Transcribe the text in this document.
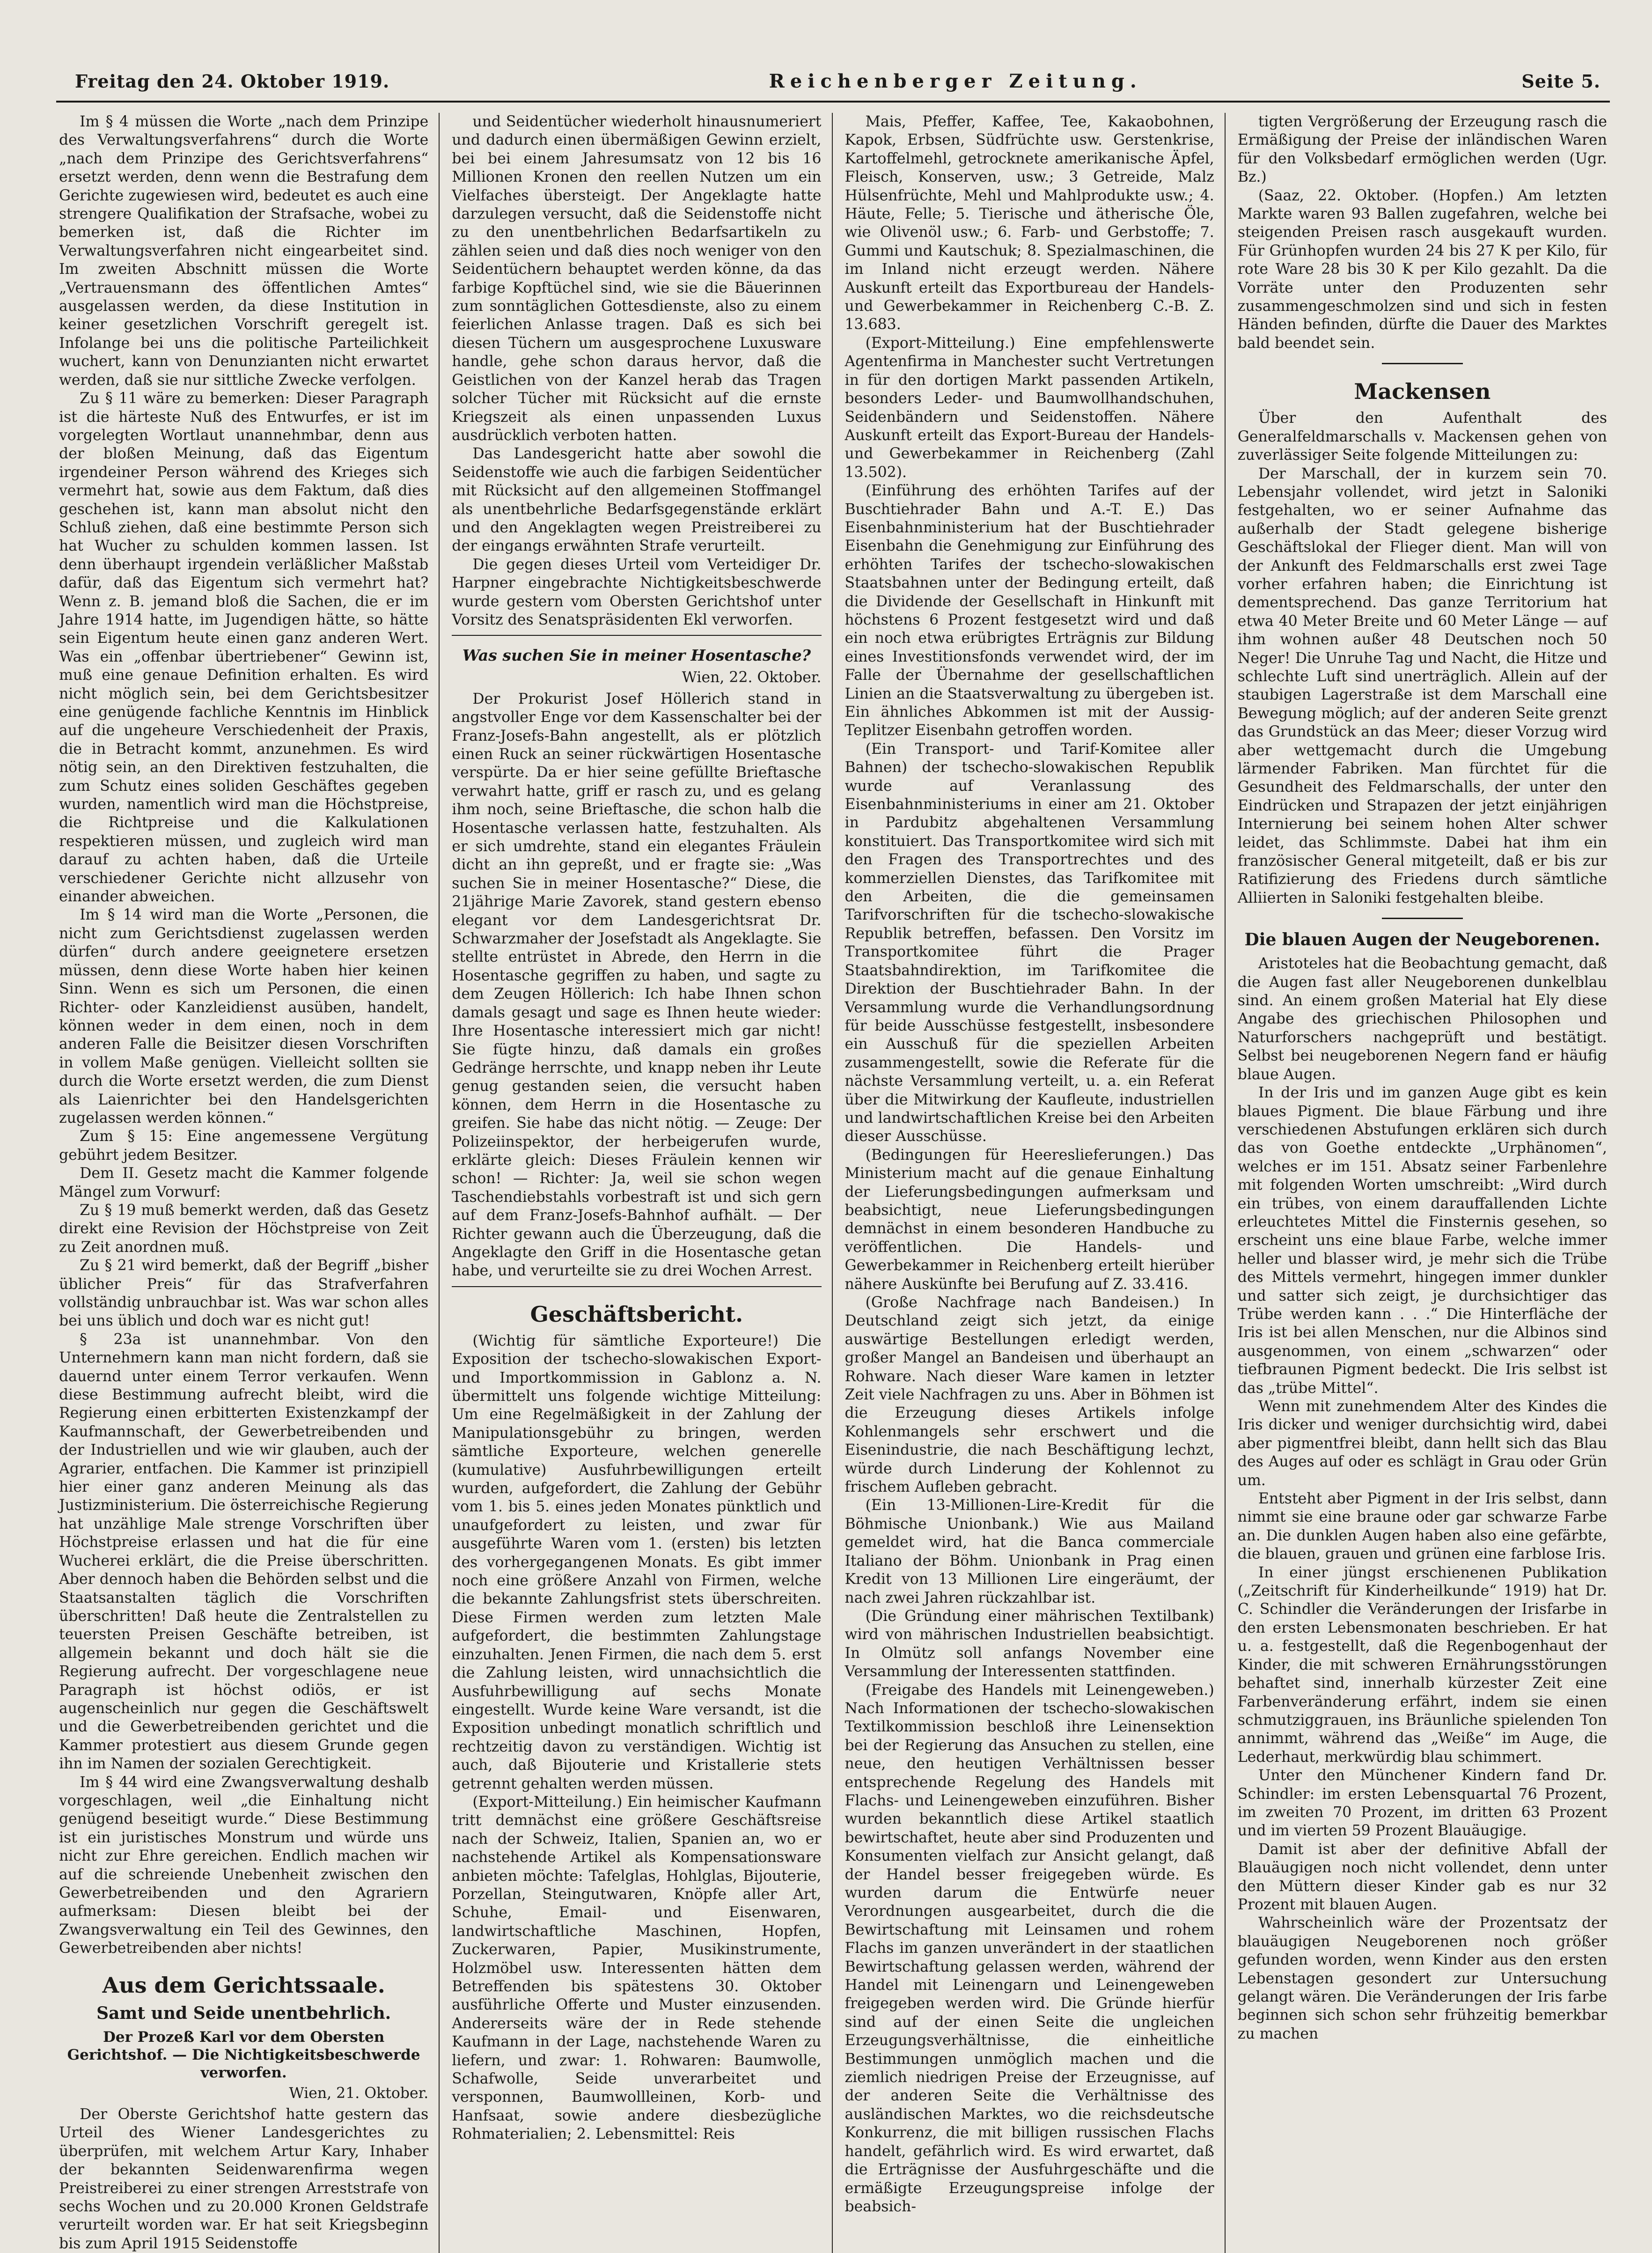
Freitag den 24. Oktober 1919.	Reichenberger Zeitung.	Seite 5.

Im § 4 müssen die Worte „nach dem Prinzipe des Verwaltungsverfahrens“ durch die Worte „nach dem Prinzipe des Gerichtsverfahrens“ ersetzt werden, denn wenn die Bestrafung dem Gerichte zugewiesen wird, bedeutet es auch eine strengere Qualifikation der Strafsache, wobei zu bemerken ist, daß die Richter im Verwaltungsverfahren nicht eingearbeitet sind. Im zweiten Abschnitt müssen die Worte „Vertrauensmann des öffentlichen Amtes“ ausgelassen werden, da diese Institution in keiner gesetzlichen Vorschrift geregelt ist. Infolange bei uns die politische Parteilichkeit wuchert, kann von Denunzianten nicht erwartet werden, daß sie nur sittliche Zwecke verfolgen.

Zu § 11 wäre zu bemerken: Dieser Paragraph ist die härteste Nuß des Entwurfes, er ist im vorgelegten Wortlaut unannehmbar, denn aus der bloßen Meinung, daß das Eigentum irgendeiner Person während des Krieges sich vermehrt hat, sowie aus dem Faktum, daß dies geschehen ist, kann man absolut nicht den Schluß ziehen, daß eine bestimmte Person sich hat Wucher zu schulden kommen lassen. Ist denn überhaupt irgendein verläßlicher Maßstab dafür, daß das Eigentum sich vermehrt hat? Wenn z. B. jemand bloß die Sachen, die er im Jahre 1914 hatte, im Jugendigen hätte, so hätte sein Eigentum heute einen ganz anderen Wert. Was ein „offenbar übertriebener“ Gewinn ist, muß eine genaue Definition erhalten. Es wird nicht möglich sein, bei dem Gerichtsbesitzer eine genügende fachliche Kenntnis im Hinblick auf die ungeheure Verschiedenheit der Praxis, die in Betracht kommt, anzunehmen. Es wird nötig sein, an den Direktiven festzuhalten, die zum Schutz eines soliden Geschäftes gegeben wurden, namentlich wird man die Höchstpreise, die Richtpreise und die Kalkulationen respektieren müssen, und zugleich wird man darauf zu achten haben, daß die Urteile verschiedener Gerichte nicht allzusehr von einander abweichen.

Im § 14 wird man die Worte „Personen, die nicht zum Gerichtsdienst zugelassen werden dürfen“ durch andere geeignetere ersetzen müssen, denn diese Worte haben hier keinen Sinn. Wenn es sich um Personen, die einen Richter- oder Kanzleidienst ausüben, handelt, können weder in dem einen, noch in dem anderen Falle die Beisitzer diesen Vorschriften in vollem Maße genügen. Vielleicht sollten sie durch die Worte ersetzt werden, die zum Dienst als Laienrichter bei den Handelsgerichten zugelassen werden können.“

Zum § 15: Eine angemessene Vergütung gebührt jedem Besitzer.

Dem II. Gesetz macht die Kammer folgende Mängel zum Vorwurf:

Zu § 19 muß bemerkt werden, daß das Gesetz direkt eine Revision der Höchstpreise von Zeit zu Zeit anordnen muß.

Zu § 21 wird bemerkt, daß der Begriff „bisher üblicher Preis“ für das Strafverfahren vollständig unbrauchbar ist. Was war schon alles bei uns üblich und doch war es nicht gut!

§ 23a ist unannehmbar. Von den Unternehmern kann man nicht fordern, daß sie dauernd unter einem Terror verkaufen. Wenn diese Bestimmung aufrecht bleibt, wird die Regierung einen erbitterten Existenzkampf der Kaufmannschaft, der Gewerbetreibenden und der Industriellen und wie wir glauben, auch der Agrarier, entfachen. Die Kammer ist prinzipiell hier einer ganz anderen Meinung als das Justizministerium. Die österreichische Regierung hat unzählige Male strenge Vorschriften über Höchstpreise erlassen und hat die für eine Wucherei erklärt, die die Preise überschritten. Aber dennoch haben die Behörden selbst und die Staatsanstalten täglich die Vorschriften überschritten! Daß heute die Zentralstellen zu teuersten Preisen Geschäfte betreiben, ist allgemein bekannt und doch hält sie die Regierung aufrecht. Der vorgeschlagene neue Paragraph ist höchst odiös, er ist augenscheinlich nur gegen die Geschäftswelt und die Gewerbetreibenden gerichtet und die Kammer protestiert aus diesem Grunde gegen ihn im Namen der sozialen Gerechtigkeit.

Im § 44 wird eine Zwangsverwaltung deshalb vorgeschlagen, weil „die Einhaltung nicht genügend beseitigt wurde.“ Diese Bestimmung ist ein juristisches Monstrum und würde uns nicht zur Ehre gereichen. Endlich machen wir auf die schreiende Unebenheit zwischen den Gewerbetreibenden und den Agrariern aufmerksam: Diesen bleibt bei der Zwangsverwaltung ein Teil des Gewinnes, den Gewerbetreibenden aber nichts!

Aus dem Gerichtssaale.
Samt und Seide unentbehrlich.
Der Prozeß Karl vor dem Obersten Gerichtshof. — Die Nichtigkeitsbeschwerde verworfen.
Wien, 21. Oktober.

Der Oberste Gerichtshof hatte gestern das Urteil des Wiener Landesgerichtes zu überprüfen, mit welchem Artur Kary, Inhaber der bekannten Seidenwarenfirma wegen Preistreiberei zu einer strengen Arreststrafe von sechs Wochen und zu 20.000 Kronen Geldstrafe verurteilt worden war. Er hat seit Kriegsbeginn bis zum April 1915 Seidenstoffe

und Seidentücher wiederholt hinausnumeriert und dadurch einen übermäßigen Gewinn erzielt, bei bei einem Jahresumsatz von 12 bis 16 Millionen Kronen den reellen Nutzen um ein Vielfaches übersteigt. Der Angeklagte hatte darzulegen versucht, daß die Seidenstoffe nicht zu den unentbehrlichen Bedarfsartikeln zu zählen seien und daß dies noch weniger von den Seidentüchern behauptet werden könne, da das farbige Kopftüchel sind, wie sie die Bäuerinnen zum sonntäglichen Gottesdienste, also zu einem feierlichen Anlasse tragen. Daß es sich bei diesen Tüchern um ausgesprochene Luxusware handle, gehe schon daraus hervor, daß die Geistlichen von der Kanzel herab das Tragen solcher Tücher mit Rücksicht auf die ernste Kriegszeit als einen unpassenden Luxus ausdrücklich verboten hatten.

Das Landesgericht hatte aber sowohl die Seidenstoffe wie auch die farbigen Seidentücher mit Rücksicht auf den allgemeinen Stoffmangel als unentbehrliche Bedarfsgegenstände erklärt und den Angeklagten wegen Preistreiberei zu der eingangs erwähnten Strafe verurteilt.

Die gegen dieses Urteil vom Verteidiger Dr. Harpner eingebrachte Nichtigkeitsbeschwerde wurde gestern vom Obersten Gerichtshof unter Vorsitz des Senatspräsidenten Ekl verworfen.

Was suchen Sie in meiner Hosentasche?
Wien, 22. Oktober.

Der Prokurist Josef Höllerich stand in angstvoller Enge vor dem Kassenschalter bei der Franz-Josefs-Bahn angestellt, als er plötzlich einen Ruck an seiner rückwärtigen Hosentasche verspürte. Da er hier seine gefüllte Brieftasche verwahrt hatte, griff er rasch zu, und es gelang ihm noch, seine Brieftasche, die schon halb die Hosentasche verlassen hatte, festzuhalten. Als er sich umdrehte, stand ein elegantes Fräulein dicht an ihn gepreßt, und er fragte sie: „Was suchen Sie in meiner Hosentasche?“ Diese, die 21jährige Marie Zavorek, stand gestern ebenso elegant vor dem Landesgerichtsrat Dr. Schwarzmaher der Josefstadt als Angeklagte. Sie stellte entrüstet in Abrede, den Herrn in die Hosentasche gegriffen zu haben, und sagte zu dem Zeugen Höllerich: Ich habe Ihnen schon damals gesagt und sage es Ihnen heute wieder: Ihre Hosentasche interessiert mich gar nicht! Sie fügte hinzu, daß damals ein großes Gedränge herrschte, und knapp neben ihr Leute genug gestanden seien, die versucht haben können, dem Herrn in die Hosentasche zu greifen. Sie habe das nicht nötig. — Zeuge: Der Polizeiinspektor, der herbeigerufen wurde, erklärte gleich: Dieses Fräulein kennen wir schon! — Richter: Ja, weil sie schon wegen Taschendiebstahls vorbestraft ist und sich gern auf dem Franz-Josefs-Bahnhof aufhält. — Der Richter gewann auch die Überzeugung, daß die Angeklagte den Griff in die Hosentasche getan habe, und verurteilte sie zu drei Wochen Arrest.

Geschäftsbericht.

(Wichtig für sämtliche Exporteure!) Die Exposition der tschecho-slowakischen Export- und Importkommission in Gablonz a. N. übermittelt uns folgende wichtige Mitteilung: Um eine Regelmäßigkeit in der Zahlung der Manipulationsgebühr zu bringen, werden sämtliche Exporteure, welchen generelle (kumulative) Ausfuhrbewilligungen erteilt wurden, aufgefordert, die Zahlung der Gebühr vom 1. bis 5. eines jeden Monates pünktlich und unaufgefordert zu leisten, und zwar für ausgeführte Waren vom 1. (ersten) bis letzten des vorhergegangenen Monats. Es gibt immer noch eine größere Anzahl von Firmen, welche die bekannte Zahlungsfrist stets überschreiten. Diese Firmen werden zum letzten Male aufgefordert, die bestimmten Zahlungstage einzuhalten. Jenen Firmen, die nach dem 5. erst die Zahlung leisten, wird unnachsichtlich die Ausfuhrbewilligung auf sechs Monate eingestellt. Wurde keine Ware versandt, ist die Exposition unbedingt monatlich schriftlich und rechtzeitig davon zu verständigen. Wichtig ist auch, daß Bijouterie und Kristallerie stets getrennt gehalten werden müssen.

(Export-Mitteilung.) Ein heimischer Kaufmann tritt demnächst eine größere Geschäftsreise nach der Schweiz, Italien, Spanien an, wo er nachstehende Artikel als Kompensationsware anbieten möchte: Tafelglas, Hohlglas, Bijouterie, Porzellan, Steingutwaren, Knöpfe aller Art, Schuhe, Email- und Eisenwaren, landwirtschaftliche Maschinen, Hopfen, Zuckerwaren, Papier, Musikinstrumente, Holzmöbel usw. Interessenten hätten dem Betreffenden bis spätestens 30. Oktober ausführliche Offerte und Muster einzusenden. Andererseits wäre der in Rede stehende Kaufmann in der Lage, nachstehende Waren zu liefern, und zwar: 1. Rohwaren: Baumwolle, Schafwolle, Seide unverarbeitet und versponnen, Baumwollleinen, Korb- und Hanfsaat, sowie andere diesbezügliche Rohmaterialien; 2. Lebensmittel: Reis

Mais, Pfeffer, Kaffee, Tee, Kakaobohnen, Kapok, Erbsen, Südfrüchte usw. Gerstenkrise, Kartoffelmehl, getrocknete amerikanische Äpfel, Fleisch, Konserven, usw.; 3 Getreide, Malz Hülsenfrüchte, Mehl und Mahlprodukte usw.; 4. Häute, Felle; 5. Tierische und ätherische Öle, wie Olivenöl usw.; 6. Farb- und Gerbstoffe; 7. Gummi und Kautschuk; 8. Spezialmaschinen, die im Inland nicht erzeugt werden. Nähere Auskunft erteilt das Exportbureau der Handels- und Gewerbekammer in Reichenberg C.-B. Z. 13.683.

(Export-Mitteilung.) Eine empfehlenswerte Agentenfirma in Manchester sucht Vertretungen in für den dortigen Markt passenden Artikeln, besonders Leder- und Baumwollhandschuhen, Seidenbändern und Seidenstoffen. Nähere Auskunft erteilt das Export-Bureau der Handels- und Gewerbekammer in Reichenberg (Zahl 13.502).

(Einführung des erhöhten Tarifes auf der Buschtiehrader Bahn und A.-T. E.) Das Eisenbahnministerium hat der Buschtiehrader Eisenbahn die Genehmigung zur Einführung des erhöhten Tarifes der tschecho-slowakischen Staatsbahnen unter der Bedingung erteilt, daß die Dividende der Gesellschaft in Hinkunft mit höchstens 6 Prozent festgesetzt wird und daß ein noch etwa erübrigtes Erträgnis zur Bildung eines Investitionsfonds verwendet wird, der im Falle der Übernahme der gesellschaftlichen Linien an die Staatsverwaltung zu übergeben ist. Ein ähnliches Abkommen ist mit der Aussig-Teplitzer Eisenbahn getroffen worden.

(Ein Transport- und Tarif-Komitee aller Bahnen) der tschecho-slowakischen Republik wurde auf Veranlassung des Eisenbahnministeriums in einer am 21. Oktober in Pardubitz abgehaltenen Versammlung konstituiert. Das Transportkomitee wird sich mit den Fragen des Transportrechtes und des kommerziellen Dienstes, das Tarifkomitee mit den Arbeiten, die die gemeinsamen Tarifvorschriften für die tschecho-slowakische Republik betreffen, befassen. Den Vorsitz im Transportkomitee führt die Prager Staatsbahndirektion, im Tarifkomitee die Direktion der Buschtiehrader Bahn. In der Versammlung wurde die Verhandlungsordnung für beide Ausschüsse festgestellt, insbesondere ein Ausschuß für die speziellen Arbeiten zusammengestellt, sowie die Referate für die nächste Versammlung verteilt, u. a. ein Referat über die Mitwirkung der Kaufleute, industriellen und landwirtschaftlichen Kreise bei den Arbeiten dieser Ausschüsse.

(Bedingungen für Heereslieferungen.) Das Ministerium macht auf die genaue Einhaltung der Lieferungsbedingungen aufmerksam und beabsichtigt, neue Lieferungsbedingungen demnächst in einem besonderen Handbuche zu veröffentlichen. Die Handels- und Gewerbekammer in Reichenberg erteilt hierüber nähere Auskünfte bei Berufung auf Z. 33.416.

(Große Nachfrage nach Bandeisen.) In Deutschland zeigt sich jetzt, da einige auswärtige Bestellungen erledigt werden, großer Mangel an Bandeisen und überhaupt an Rohware. Nach dieser Ware kamen in letzter Zeit viele Nachfragen zu uns. Aber in Böhmen ist die Erzeugung dieses Artikels infolge Kohlenmangels sehr erschwert und die Eisenindustrie, die nach Beschäftigung lechzt, würde durch Linderung der Kohlennot zu frischem Aufleben gebracht.

(Ein 13-Millionen-Lire-Kredit für die Böhmische Unionbank.) Wie aus Mailand gemeldet wird, hat die Banca commerciale Italiano der Böhm. Unionbank in Prag einen Kredit von 13 Millionen Lire eingeräumt, der nach zwei Jahren rückzahlbar ist.

(Die Gründung einer mährischen Textilbank) wird von mährischen Industriellen beabsichtigt. In Olmütz soll anfangs November eine Versammlung der Interessenten stattfinden.

(Freigabe des Handels mit Leinengeweben.) Nach Informationen der tschecho-slowakischen Textilkommission beschloß ihre Leinensektion bei der Regierung das Ansuchen zu stellen, eine neue, den heutigen Verhältnissen besser entsprechende Regelung des Handels mit Flachs- und Leinengeweben einzuführen. Bisher wurden bekanntlich diese Artikel staatlich bewirtschaftet, heute aber sind Produzenten und Konsumenten vielfach zur Ansicht gelangt, daß der Handel besser freigegeben würde. Es wurden darum die Entwürfe neuer Verordnungen ausgearbeitet, durch die die Bewirtschaftung mit Leinsamen und rohem Flachs im ganzen unverändert in der staatlichen Bewirtschaftung gelassen werden, während der Handel mit Leinengarn und Leinengeweben freigegeben werden wird. Die Gründe hierfür sind auf der einen Seite die ungleichen Erzeugungsverhältnisse, die einheitliche Bestimmungen unmöglich machen und die ziemlich niedrigen Preise der Erzeugnisse, auf der anderen Seite die Verhältnisse des ausländischen Marktes, wo die reichsdeutsche Konkurrenz, die mit billigen russischen Flachs handelt, gefährlich wird. Es wird erwartet, daß die Erträgnisse der Ausfuhrgeschäfte und die ermäßigte Erzeugungspreise infolge der beabsich-

tigten Vergrößerung der Erzeugung rasch die Ermäßigung der Preise der inländischen Waren für den Volksbedarf ermöglichen werden (Ugr. Bz.)

(Saaz, 22. Oktober. (Hopfen.) Am letzten Markte waren 93 Ballen zugefahren, welche bei steigenden Preisen rasch ausgekauft wurden. Für Grünhopfen wurden 24 bis 27 K per Kilo, für rote Ware 28 bis 30 K per Kilo gezahlt. Da die Vorräte unter den Produzenten sehr zusammengeschmolzen sind und sich in festen Händen befinden, dürfte die Dauer des Marktes bald beendet sein.

Mackensen

Über den Aufenthalt des Generalfeldmarschalls v. Mackensen gehen von zuverlässiger Seite folgende Mitteilungen zu:

Der Marschall, der in kurzem sein 70. Lebensjahr vollendet, wird jetzt in Saloniki festgehalten, wo er seiner Aufnahme das außerhalb der Stadt gelegene bisherige Geschäftslokal der Flieger dient. Man will von der Ankunft des Feldmarschalls erst zwei Tage vorher erfahren haben; die Einrichtung ist dementsprechend. Das ganze Territorium hat etwa 40 Meter Breite und 60 Meter Länge — auf ihm wohnen außer 48 Deutschen noch 50 Neger! Die Unruhe Tag und Nacht, die Hitze und schlechte Luft sind unerträglich. Allein auf der staubigen Lagerstraße ist dem Marschall eine Bewegung möglich; auf der anderen Seite grenzt das Grundstück an das Meer; dieser Vorzug wird aber wettgemacht durch die Umgebung lärmender Fabriken. Man fürchtet für die Gesundheit des Feldmarschalls, der unter den Eindrücken und Strapazen der jetzt einjährigen Internierung bei seinem hohen Alter schwer leidet, das Schlimmste. Dabei hat ihm ein französischer General mitgeteilt, daß er bis zur Ratifizierung des Friedens durch sämtliche Alliierten in Saloniki festgehalten bleibe.

Die blauen Augen der Neugeborenen.

Aristoteles hat die Beobachtung gemacht, daß die Augen fast aller Neugeborenen dunkelblau sind. An einem großen Material hat Ely diese Angabe des griechischen Philosophen und Naturforschers nachgeprüft und bestätigt. Selbst bei neugeborenen Negern fand er häufig blaue Augen.

In der Iris und im ganzen Auge gibt es kein blaues Pigment. Die blaue Färbung und ihre verschiedenen Abstufungen erklären sich durch das von Goethe entdeckte „Urphänomen“, welches er im 151. Absatz seiner Farbenlehre mit folgenden Worten umschreibt: „Wird durch ein trübes, von einem darauffallenden Lichte erleuchtetes Mittel die Finsternis gesehen, so erscheint uns eine blaue Farbe, welche immer heller und blasser wird, je mehr sich die Trübe des Mittels vermehrt, hingegen immer dunkler und satter sich zeigt, je durchsichtiger das Trübe werden kann . . .“ Die Hinterfläche der Iris ist bei allen Menschen, nur die Albinos sind ausgenommen, von einem „schwarzen“ oder tiefbraunen Pigment bedeckt. Die Iris selbst ist das „trübe Mittel“.

Wenn mit zunehmendem Alter des Kindes die Iris dicker und weniger durchsichtig wird, dabei aber pigmentfrei bleibt, dann hellt sich das Blau des Auges auf oder es schlägt in Grau oder Grün um.

Entsteht aber Pigment in der Iris selbst, dann nimmt sie eine braune oder gar schwarze Farbe an. Die dunklen Augen haben also eine gefärbte, die blauen, grauen und grünen eine farblose Iris.

In einer jüngst erschienenen Publikation („Zeitschrift für Kinderheilkunde“ 1919) hat Dr. C. Schindler die Veränderungen der Irisfarbe in den ersten Lebensmonaten beschrieben. Er hat u. a. festgestellt, daß die Regenbogenhaut der Kinder, die mit schweren Ernährungsstörungen behaftet sind, innerhalb kürzester Zeit eine Farbenveränderung erfährt, indem sie einen schmutziggrauen, ins Bräunliche spielenden Ton annimmt, während das „Weiße“ im Auge, die Lederhaut, merkwürdig blau schimmert.

Unter den Münchener Kindern fand Dr. Schindler: im ersten Lebensquartal 76 Prozent, im zweiten 70 Prozent, im dritten 63 Prozent und im vierten 59 Prozent Blauäugige.

Damit ist aber der definitive Abfall der Blauäugigen noch nicht vollendet, denn unter den Müttern dieser Kinder gab es nur 32 Prozent mit blauen Augen.

Wahrscheinlich wäre der Prozentsatz der blauäugigen Neugeborenen noch größer gefunden worden, wenn Kinder aus den ersten Lebenstagen gesondert zur Untersuchung gelangt wären. Die Veränderungen der Iris farbe beginnen sich schon sehr frühzeitig bemerkbar zu machen
